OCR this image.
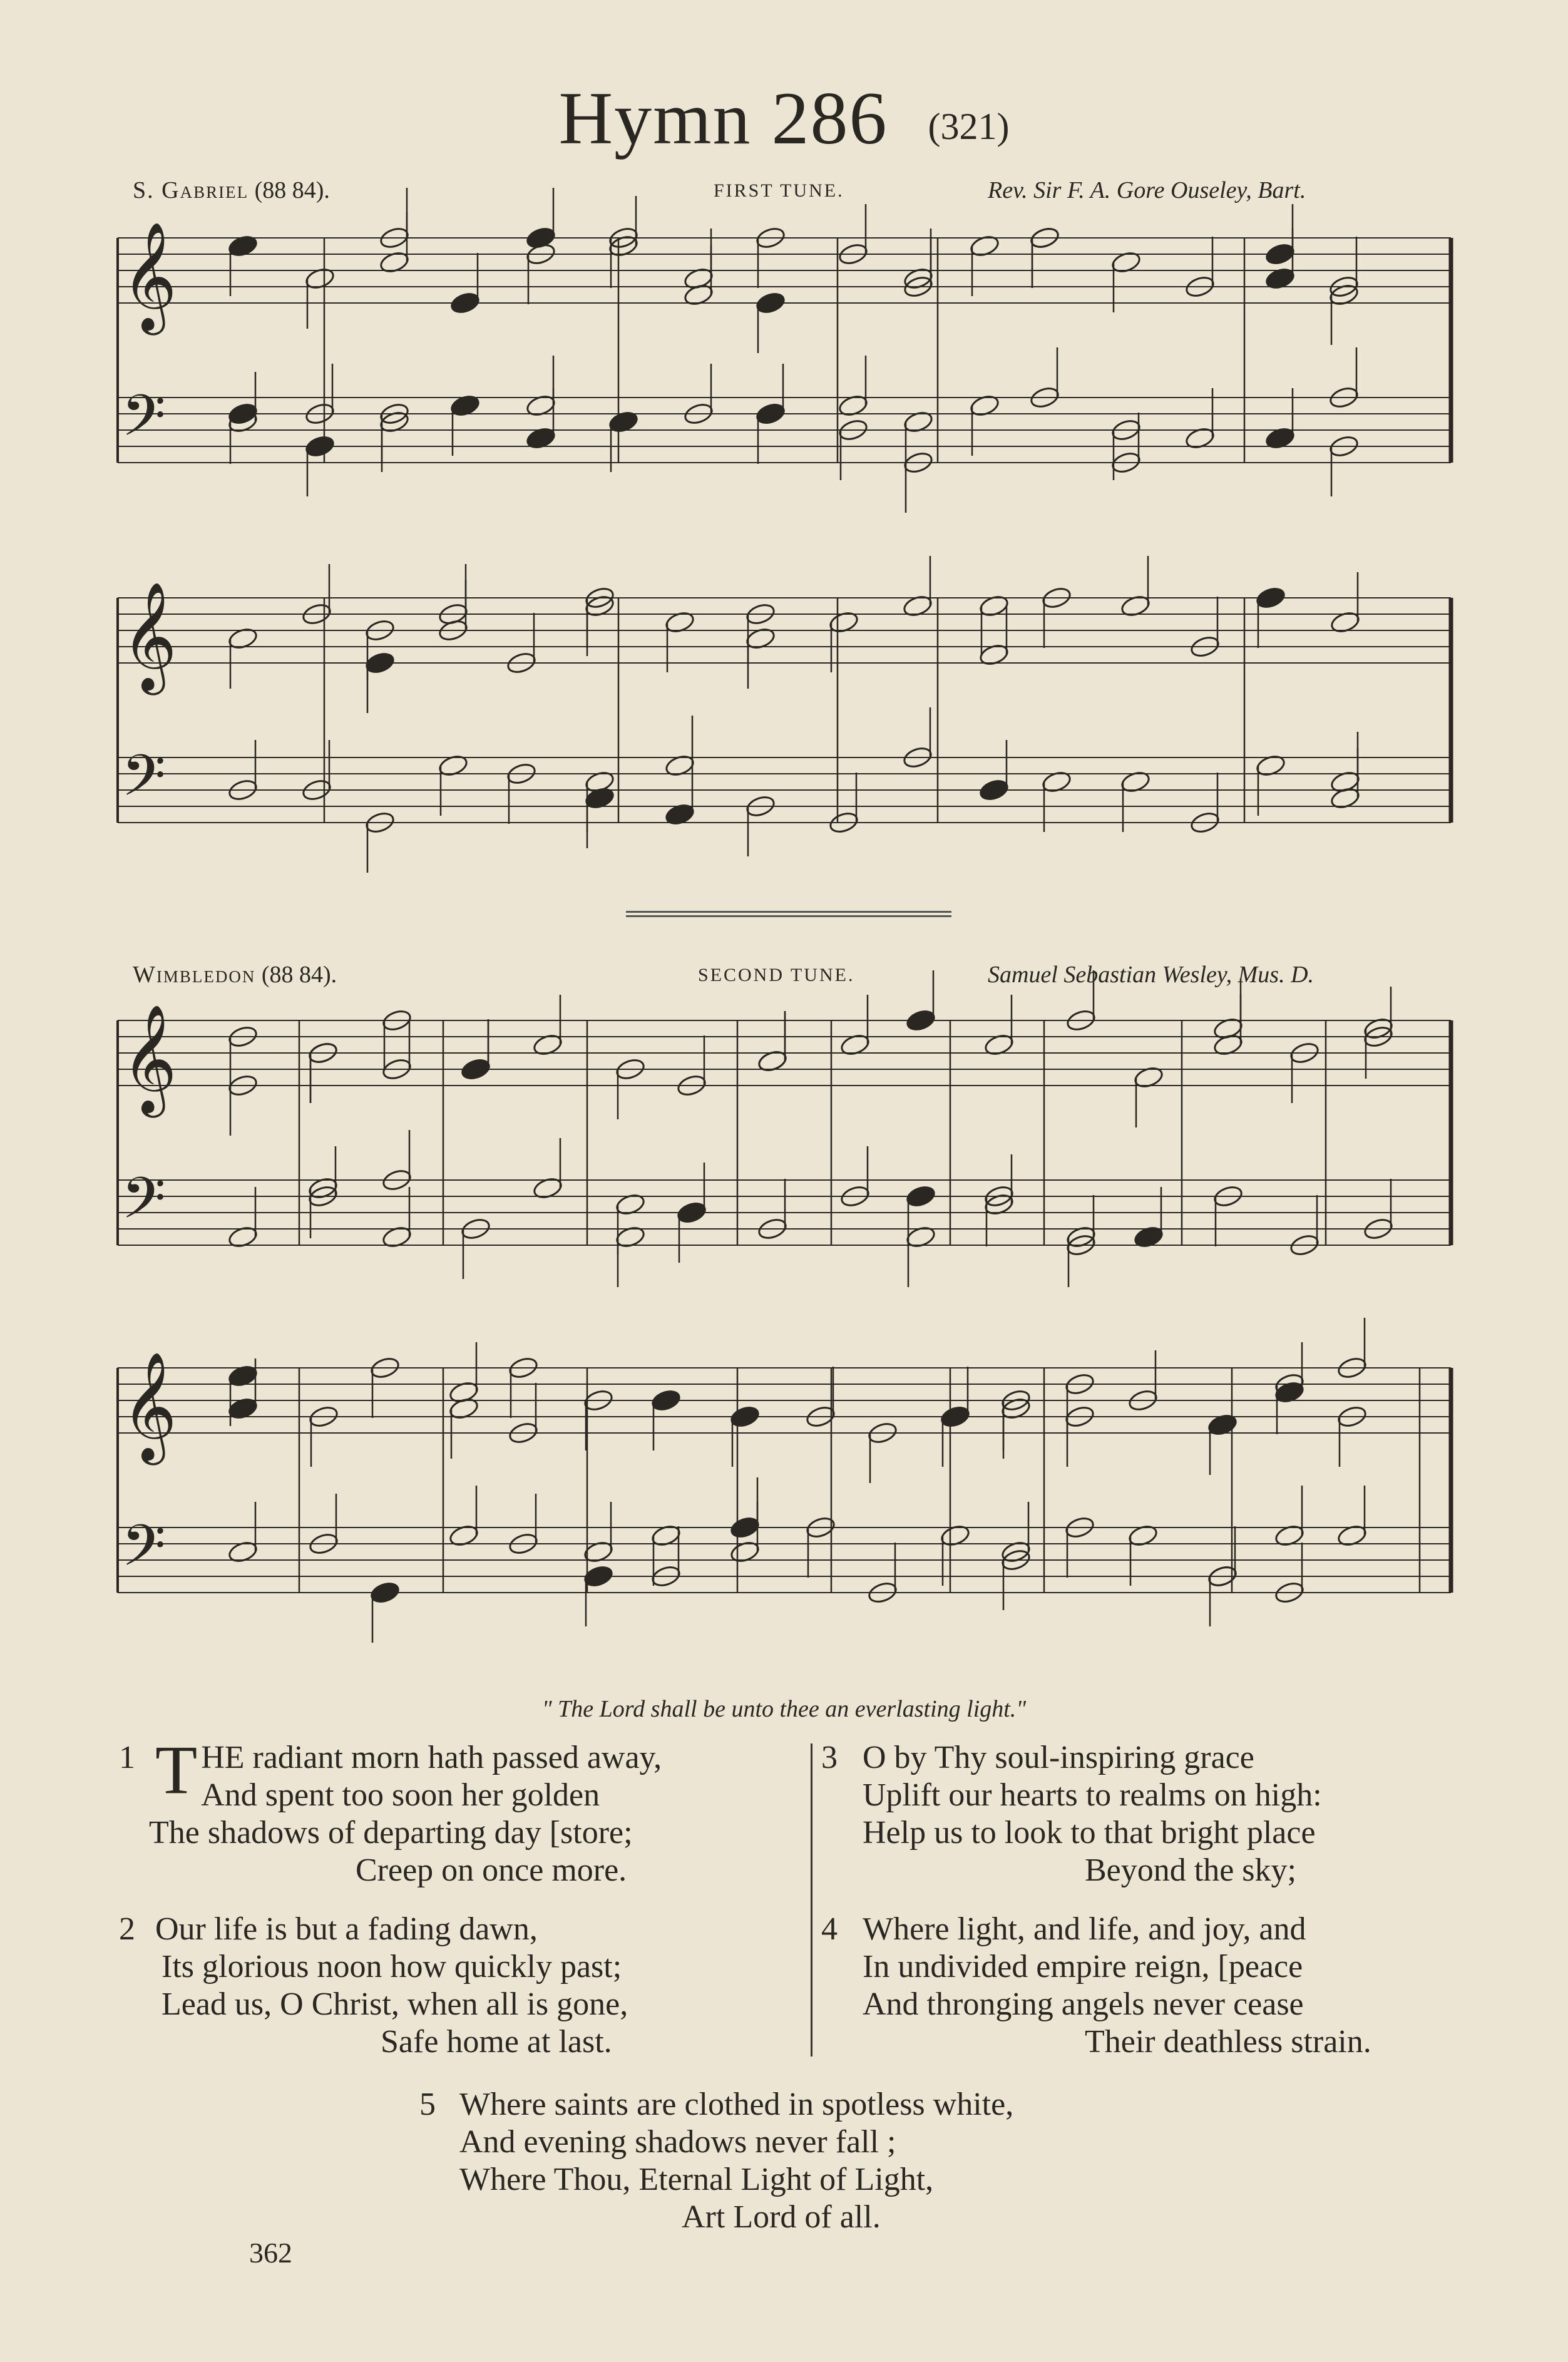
Hymn 286 (321)
S. Gabriel (88 84).	FIRST TUNE.	Rev. Sir F. A. Gore Ouseley, Bart.
𝄞
𝄢
𝄞
𝄢
Wimbledon (88 84).	SECOND TUNE.	Samuel Sebastian Wesley, Mus. D.
𝄞
𝄢
𝄞
𝄢
" The Lord shall be unto thee an everlasting light."
1 THE radiant morn hath passed away,
And spent too soon her golden
The shadows of departing day [store;
Creep on once more.
2 Our life is but a fading dawn,
Its glorious noon how quickly past;
Lead us, O Christ, when all is gone,
Safe home at last.
3 O by Thy soul-inspiring grace
Uplift our hearts to realms on high:
Help us to look to that bright place
Beyond the sky;
4 Where light, and life, and joy, and
In undivided empire reign, [peace
And thronging angels never cease
Their deathless strain.
5 Where saints are clothed in spotless white,
And evening shadows never fall ;
Where Thou, Eternal Light of Light,
Art Lord of all.
362
